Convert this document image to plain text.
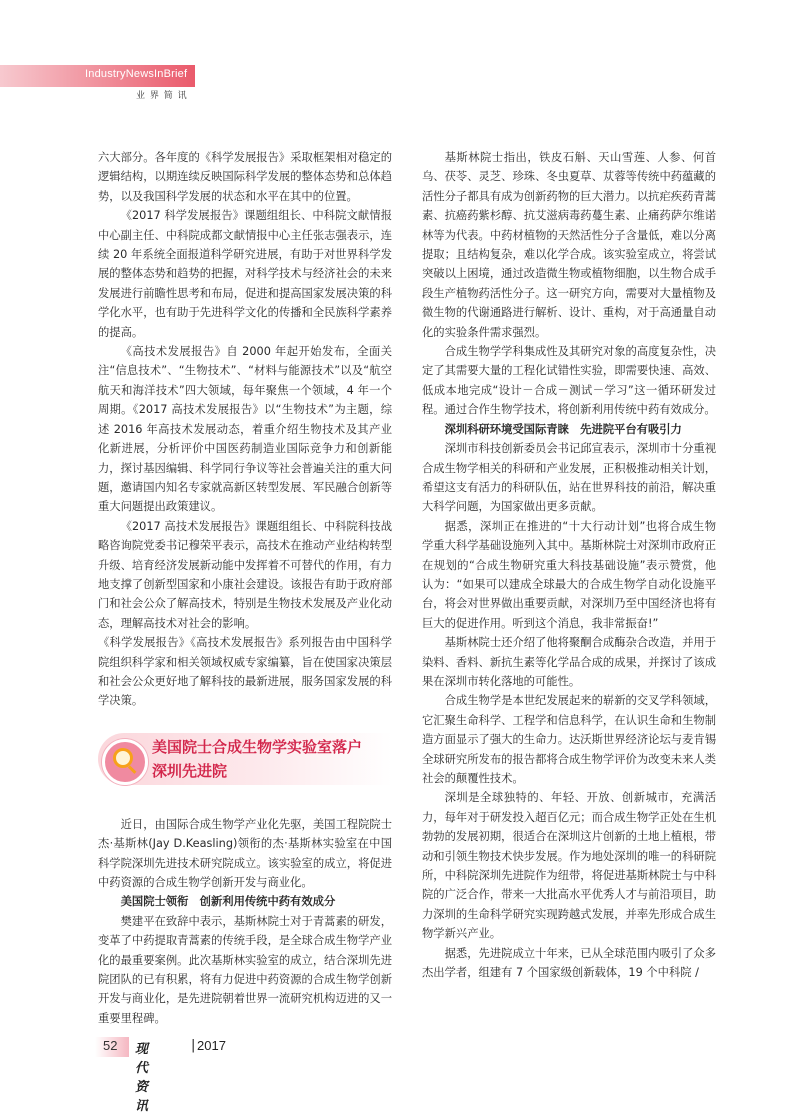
IndustryNewsInBrief
业 界 简 讯

六大部分。各年度的《科学发展报告》采取框架相对稳定的逻辑结构，以期连续反映国际科学发展的整体态势和总体趋势，以及我国科学发展的状态和水平在其中的位置。

《2017 科学发展报告》课题组组长、中科院文献情报中心副主任、中科院成都文献情报中心主任张志强表示，连续 20 年系统全面报道科学研究进展，有助于对世界科学发展的整体态势和趋势的把握，对科学技术与经济社会的未来发展进行前瞻性思考和布局，促进和提高国家发展决策的科学化水平，也有助于先进科学文化的传播和全民族科学素养的提高。

《高技术发展报告》自 2000 年起开始发布，全面关注“信息技术”、“生物技术”、“材料与能源技术”以及“航空航天和海洋技术”四大领域，每年聚焦一个领域，4 年一个周期。《2017 高技术发展报告》以“生物技术”为主题，综述 2016 年高技术发展动态，着重介绍生物技术及其产业化新进展，分析评价中国医药制造业国际竞争力和创新能力，探讨基因编辑、科学同行争议等社会普遍关注的重大问题，邀请国内知名专家就高新区转型发展、军民融合创新等重大问题提出政策建议。

《2017 高技术发展报告》课题组组长、中科院科技战略咨询院党委书记穆荣平表示，高技术在推动产业结构转型升级、培育经济发展新动能中发挥着不可替代的作用，有力地支撑了创新型国家和小康社会建设。该报告有助于政府部门和社会公众了解高技术，特别是生物技术发展及产业化动态，理解高技术对社会的影响。

《科学发展报告》《高技术发展报告》系列报告由中国科学院组织科学家和相关领域权威专家编纂，旨在使国家决策层和社会公众更好地了解科技的最新进展，服务国家发展的科学决策。

美国院士合成生物学实验室落户
深圳先进院

近日，由国际合成生物学产业化先驱，美国工程院院士杰·基斯林(Jay D.Keasling)领衔的杰·基斯林实验室在中国科学院深圳先进技术研究院成立。该实验室的成立，将促进中药资源的合成生物学创新开发与商业化。

美国院士领衔　创新利用传统中药有效成分

樊建平在致辞中表示，基斯林院士对于青蒿素的研发，变革了中药提取青蒿素的传统手段，是全球合成生物学产业化的最重要案例。此次基斯林实验室的成立，结合深圳先进院团队的已有积累，将有力促进中药资源的合成生物学创新开发与商业化，是先进院朝着世界一流研究机构迈进的又一重要里程碑。

基斯林院士指出，铁皮石斛、天山雪莲、人参、何首乌、茯苓、灵芝、珍珠、冬虫夏草、苁蓉等传统中药蕴藏的活性分子都具有成为创新药物的巨大潜力。以抗疟疾药青蒿素、抗癌药紫杉醇、抗艾滋病毒药蔓生素、止痛药萨尔维诺林等为代表。中药材植物的天然活性分子含量低，难以分离提取；且结构复杂，难以化学合成。该实验室成立，将尝试突破以上困境，通过改造微生物或植物细胞，以生物合成手段生产植物药活性分子。这一研究方向，需要对大量植物及微生物的代谢通路进行解析、设计、重构，对于高通量自动化的实验条件需求强烈。

合成生物学学科集成性及其研究对象的高度复杂性，决定了其需要大量的工程化试错性实验，即需要快速、高效、低成本地完成“设计－合成－测试－学习”这一循环研发过程。通过合作生物学技术，将创新利用传统中药有效成分。

深圳科研环境受国际青睐　先进院平台有吸引力

深圳市科技创新委员会书记邱宣表示，深圳市十分重视合成生物学相关的科研和产业发展，正积极推动相关计划，希望这支有活力的科研队伍，站在世界科技的前沿，解决重大科学问题，为国家做出更多贡献。

据悉，深圳正在推进的“十大行动计划”也将合成生物学重大科学基础设施列入其中。基斯林院士对深圳市政府正在规划的“合成生物研究重大科技基础设施”表示赞赏，他认为：“如果可以建成全球最大的合成生物学自动化设施平台，将会对世界做出重要贡献，对深圳乃至中国经济也将有巨大的促进作用。听到这个消息，我非常振奋!”

基斯林院士还介绍了他将聚酮合成酶杂合改造，并用于染料、香料、新抗生素等化学品合成的成果，并探讨了该成果在深圳市转化落地的可能性。

合成生物学是本世纪发展起来的崭新的交叉学科领域，它汇聚生命科学、工程学和信息科学，在认识生命和生物制造方面显示了强大的生命力。达沃斯世界经济论坛与麦肯锡全球研究所发布的报告都将合成生物学评价为改变未来人类社会的颠覆性技术。

深圳是全球独特的、年轻、开放、创新城市，充满活力，每年对于研发投入超百亿元；而合成生物学正处在生机勃勃的发展初期，很适合在深圳这片创新的土地上植根，带动和引领生物技术快步发展。作为地处深圳的唯一的科研院所，中科院深圳先进院作为纽带，将促进基斯林院士与中科院的广泛合作，带来一大批高水平优秀人才与前沿项目，助力深圳的生命科学研究实现跨越式发展，并率先形成合成生物学新兴产业。

据悉，先进院成立十年来，已从全球范围内吸引了众多杰出学者，组建有 7 个国家级创新载体，19 个中科院 /

52 现代资讯
| 2017
